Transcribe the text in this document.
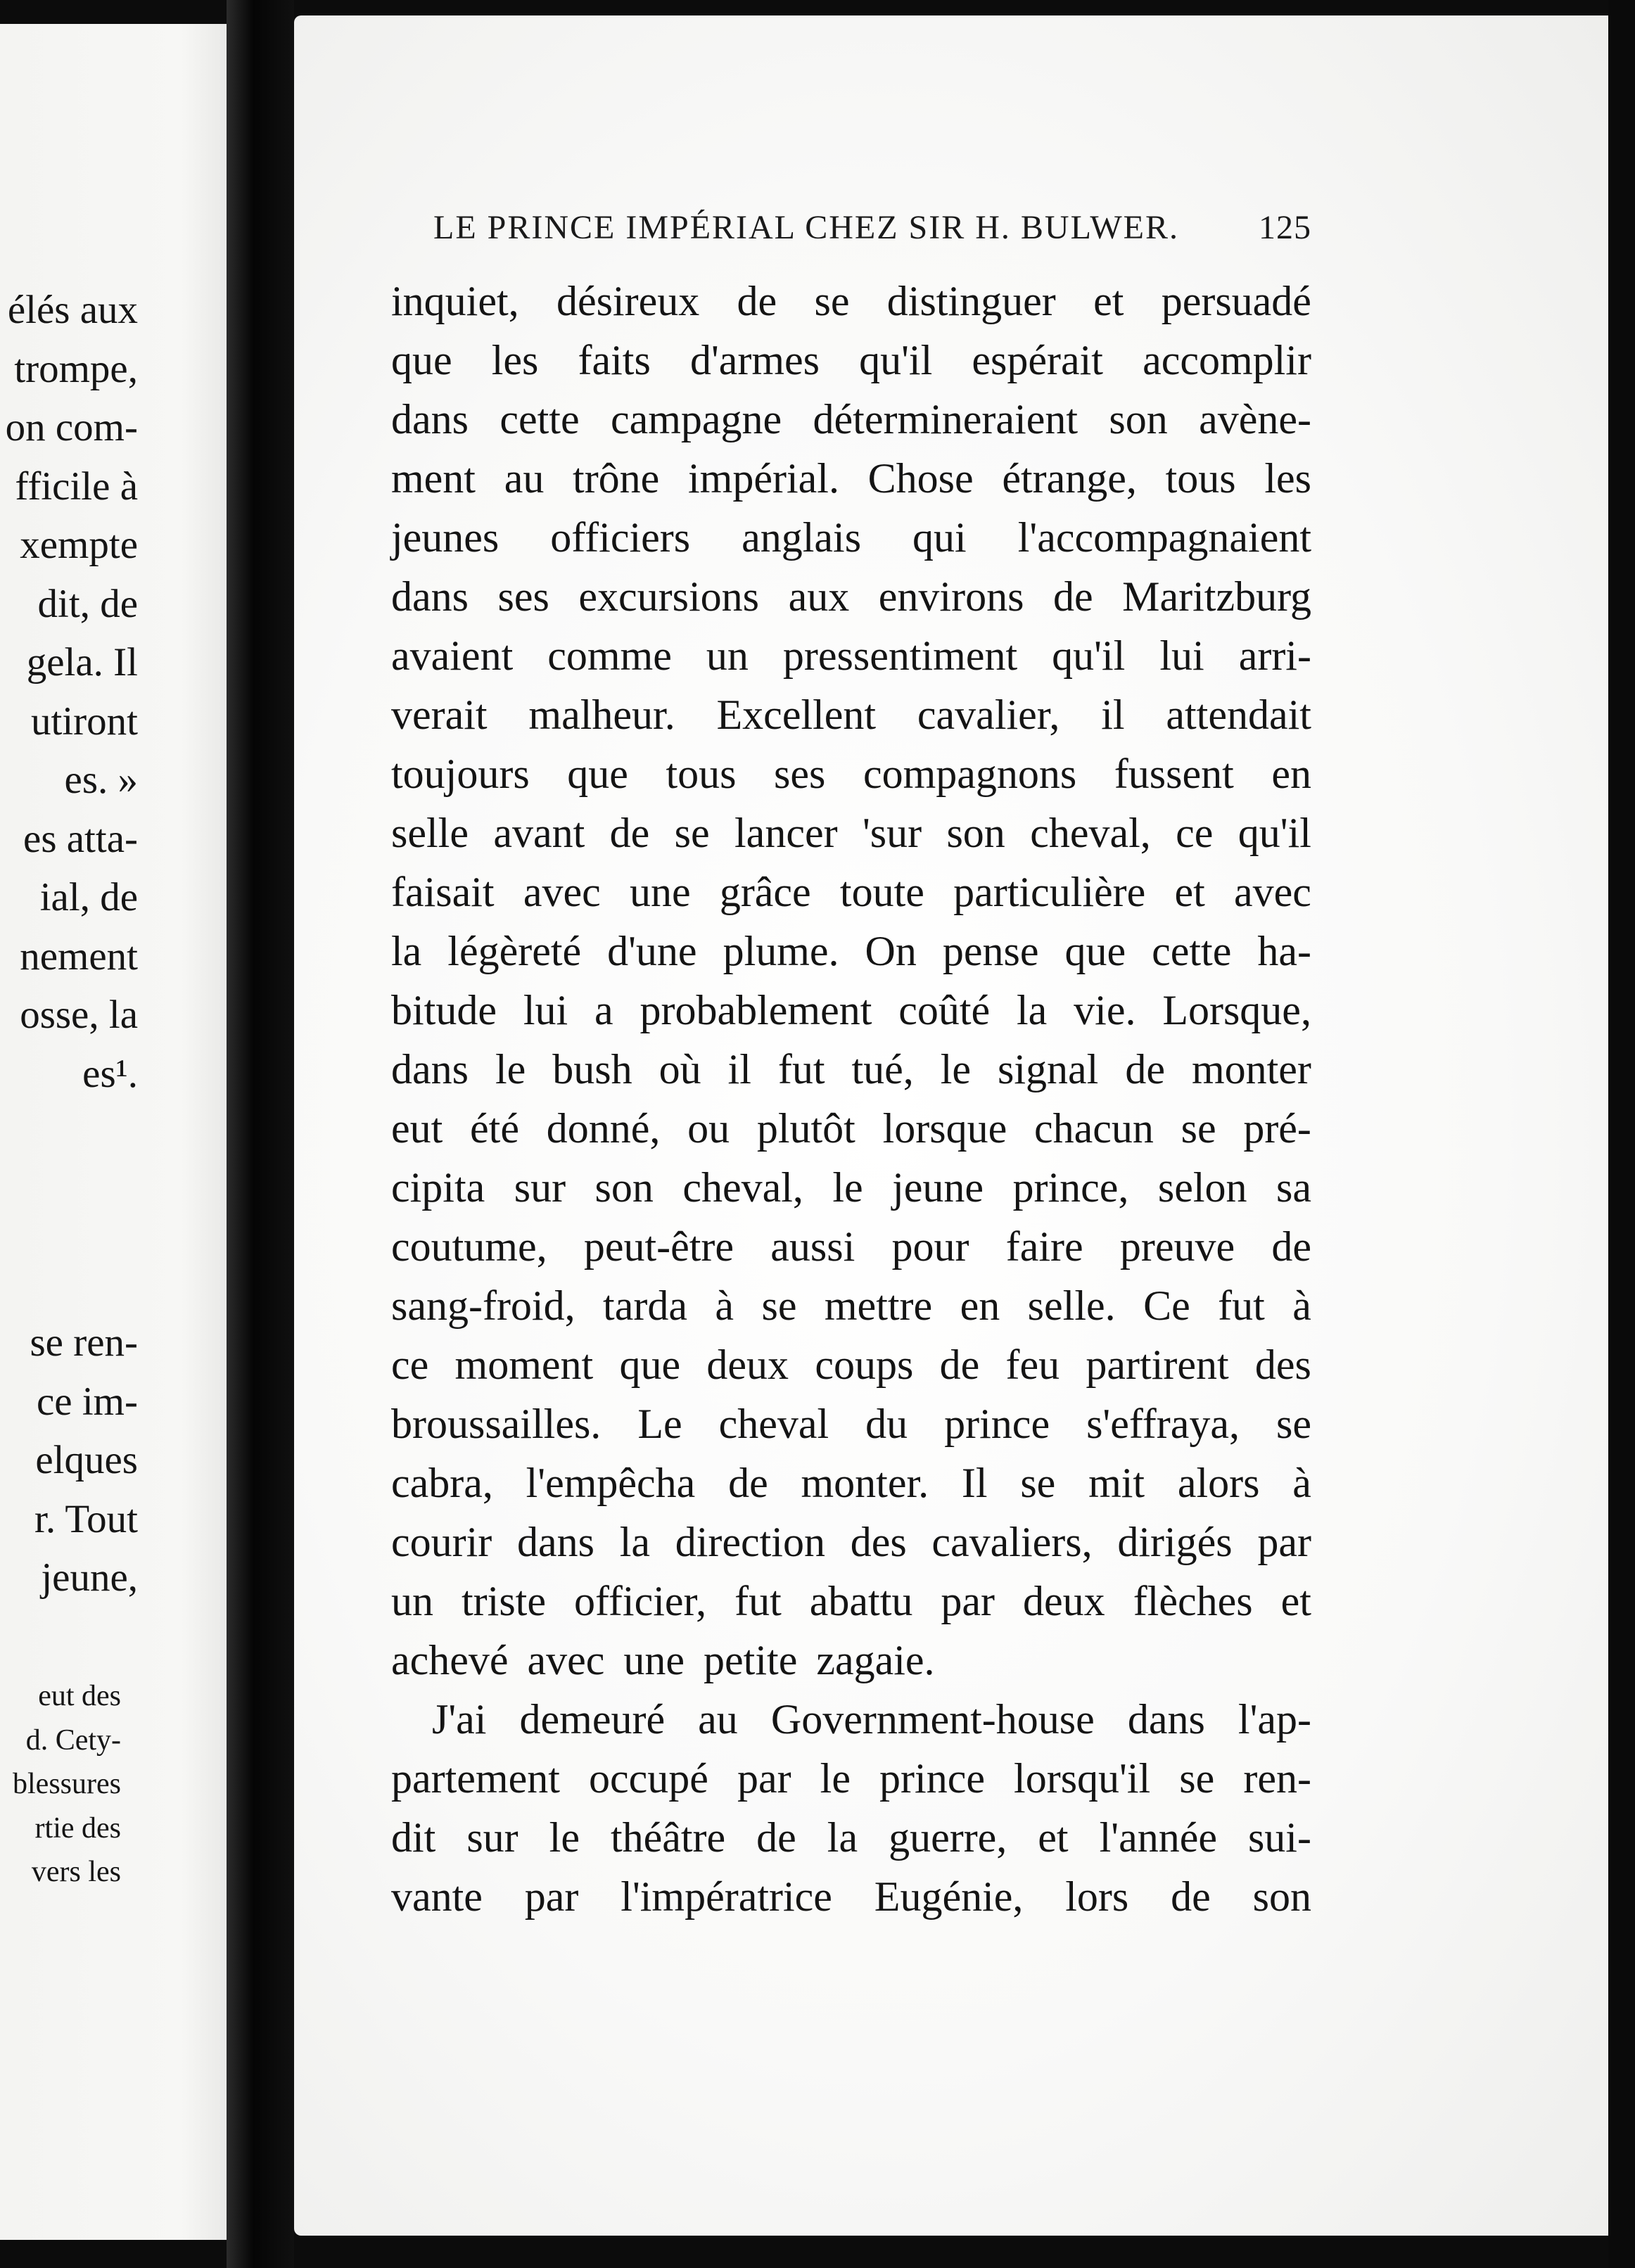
élés aux
trompe,
on com-
fficile à
xempte
dit, de
gela. Il
utiront
es. »
es atta-
ial, de
nement
osse, la
es¹.
se ren-
ce im-
elques
r. Tout
jeune,
eut des
d. Cety-
blessures
rtie des
vers les
LE PRINCE IMPÉRIAL CHEZ SIR H. BULWER. 125
inquiet, désireux de se distinguer et persuadé
que les faits d'armes qu'il espérait accomplir
dans cette campagne détermineraient son avène-
ment au trône impérial. Chose étrange, tous les
jeunes officiers anglais qui l'accompagnaient
dans ses excursions aux environs de Maritzburg
avaient comme un pressentiment qu'il lui arri-
verait malheur. Excellent cavalier, il attendait
toujours que tous ses compagnons fussent en
selle avant de se lancer 'sur son cheval, ce qu'il
faisait avec une grâce toute particulière et avec
la légèreté d'une plume. On pense que cette ha-
bitude lui a probablement coûté la vie. Lorsque,
dans le bush où il fut tué, le signal de monter
eut été donné, ou plutôt lorsque chacun se pré-
cipita sur son cheval, le jeune prince, selon sa
coutume, peut-être aussi pour faire preuve de
sang-froid, tarda à se mettre en selle. Ce fut à
ce moment que deux coups de feu partirent des
broussailles. Le cheval du prince s'effraya, se
cabra, l'empêcha de monter. Il se mit alors à
courir dans la direction des cavaliers, dirigés par
un triste officier, fut abattu par deux flèches et
achevé avec une petite zagaie.
J'ai demeuré au Government-house dans l'ap-
partement occupé par le prince lorsqu'il se ren-
dit sur le théâtre de la guerre, et l'année sui-
vante par l'impératrice Eugénie, lors de son
